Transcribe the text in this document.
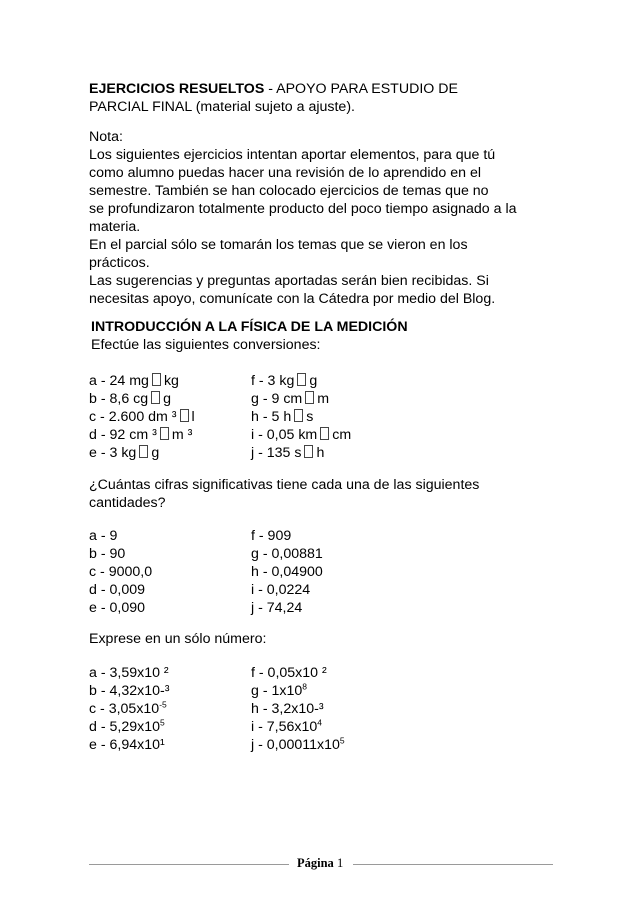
EJERCICIOS RESUELTOS - APOYO PARA ESTUDIO DE
PARCIAL FINAL (material sujeto a ajuste).
Nota:
Los siguientes ejercicios intentan aportar elementos, para que tú
como alumno puedas hacer una revisión de lo aprendido en el
semestre. También se han colocado ejercicios de temas que no
se profundizaron totalmente producto del poco tiempo asignado a la
materia.
En el parcial sólo se tomarán los temas que se vieron en los
prácticos.
Las sugerencias y preguntas aportadas serán bien recibidas. Si
necesitas apoyo, comunícate con la Cátedra por medio del Blog.
INTRODUCCIÓN A LA FÍSICA DE LA MEDICIÓN
Efectúe las siguientes conversiones:
a - 24 mg kg	f - 3 kg g
b - 8,6 cg g	g - 9 cm m
c - 2.600 dm ³ l	h - 5 h s
d - 92 cm ³ m ³	i - 0,05 km cm
e - 3 kg g	j - 135 s h
¿Cuántas cifras significativas tiene cada una de las siguientes
cantidades?
a - 9	f - 909
b - 90	g - 0,00881
c - 9000,0	h - 0,04900
d - 0,009	i - 0,0224
e - 0,090	j - 74,24
Exprese en un sólo número:
a - 3,59x10 ²	f - 0,05x10 ²
b - 4,32x10-³	g - $1x10^8$
c - $3,05x10^{-5}$	h - 3,2x10-³
d - $5,29x10^5$	i - $7,56x10^4$
e - 6,94x10¹	j - $0,00011x10^5$
Página 1
